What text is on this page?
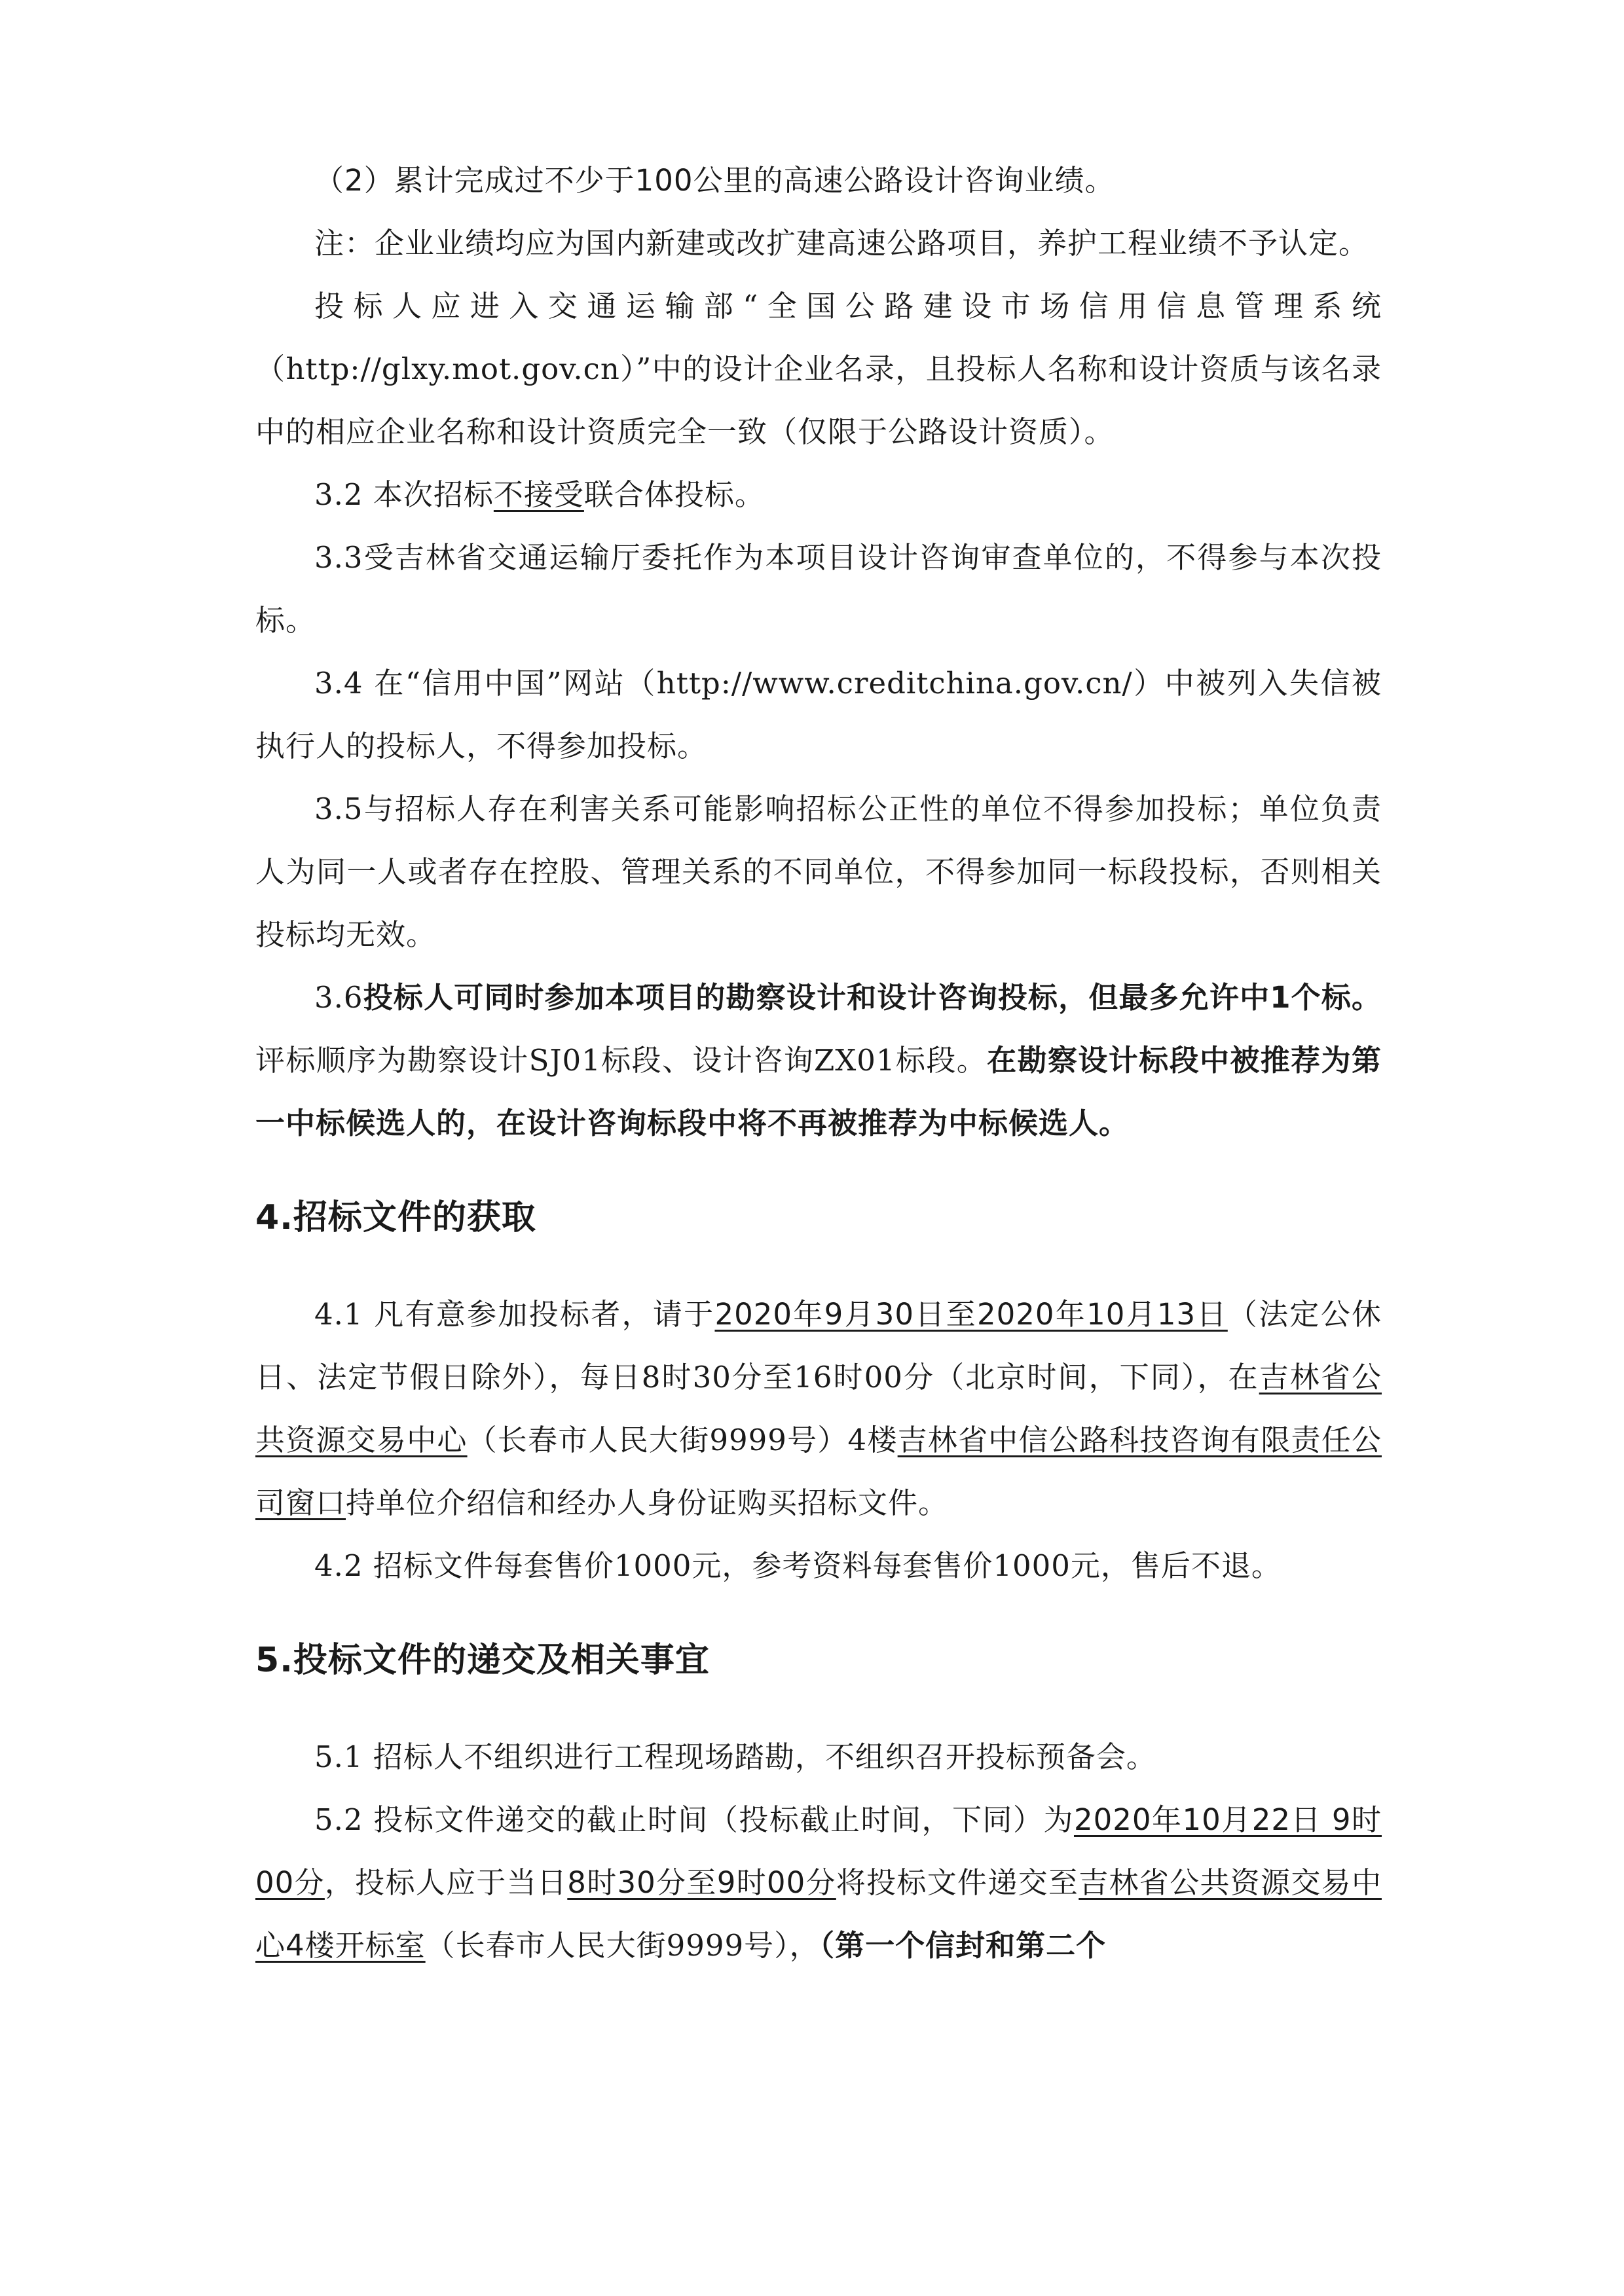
（2）累计完成过不少于100公里的高速公路设计咨询业绩。

注：企业业绩均应为国内新建或改扩建高速公路项目，养护工程业绩不予认定。

投标人应进入交通运输部“全国公路建设市场信用信息管理系统（http://glxy.mot.gov.cn）”中的设计企业名录，且投标人名称和设计资质与该名录中的相应企业名称和设计资质完全一致（仅限于公路设计资质）。

3.2 本次招标不接受联合体投标。

3.3受吉林省交通运输厅委托作为本项目设计咨询审查单位的，不得参与本次投标。

3.4 在“信用中国”网站（http://www.creditchina.gov.cn/）中被列入失信被执行人的投标人，不得参加投标。

3.5与招标人存在利害关系可能影响招标公正性的单位不得参加投标；单位负责人为同一人或者存在控股、管理关系的不同单位，不得参加同一标段投标，否则相关投标均无效。

3.6投标人可同时参加本项目的勘察设计和设计咨询投标，但最多允许中1个标。评标顺序为勘察设计SJ01标段、设计咨询ZX01标段。在勘察设计标段中被推荐为第一中标候选人的，在设计咨询标段中将不再被推荐为中标候选人。

4.招标文件的获取

4.1 凡有意参加投标者，请于2020年9月30日至2020年10月13日（法定公休日、法定节假日除外），每日8时30分至16时00分（北京时间，下同），在吉林省公共资源交易中心（长春市人民大街9999号）4楼吉林省中信公路科技咨询有限责任公司窗口持单位介绍信和经办人身份证购买招标文件。

4.2 招标文件每套售价1000元，参考资料每套售价1000元，售后不退。

5.投标文件的递交及相关事宜

5.1 招标人不组织进行工程现场踏勘，不组织召开投标预备会。

5.2 投标文件递交的截止时间（投标截止时间，下同）为2020年10月22日 9时00分，投标人应于当日8时30分至9时00分将投标文件递交至吉林省公共资源交易中心4楼开标室（长春市人民大街9999号），（第一个信封和第二个
